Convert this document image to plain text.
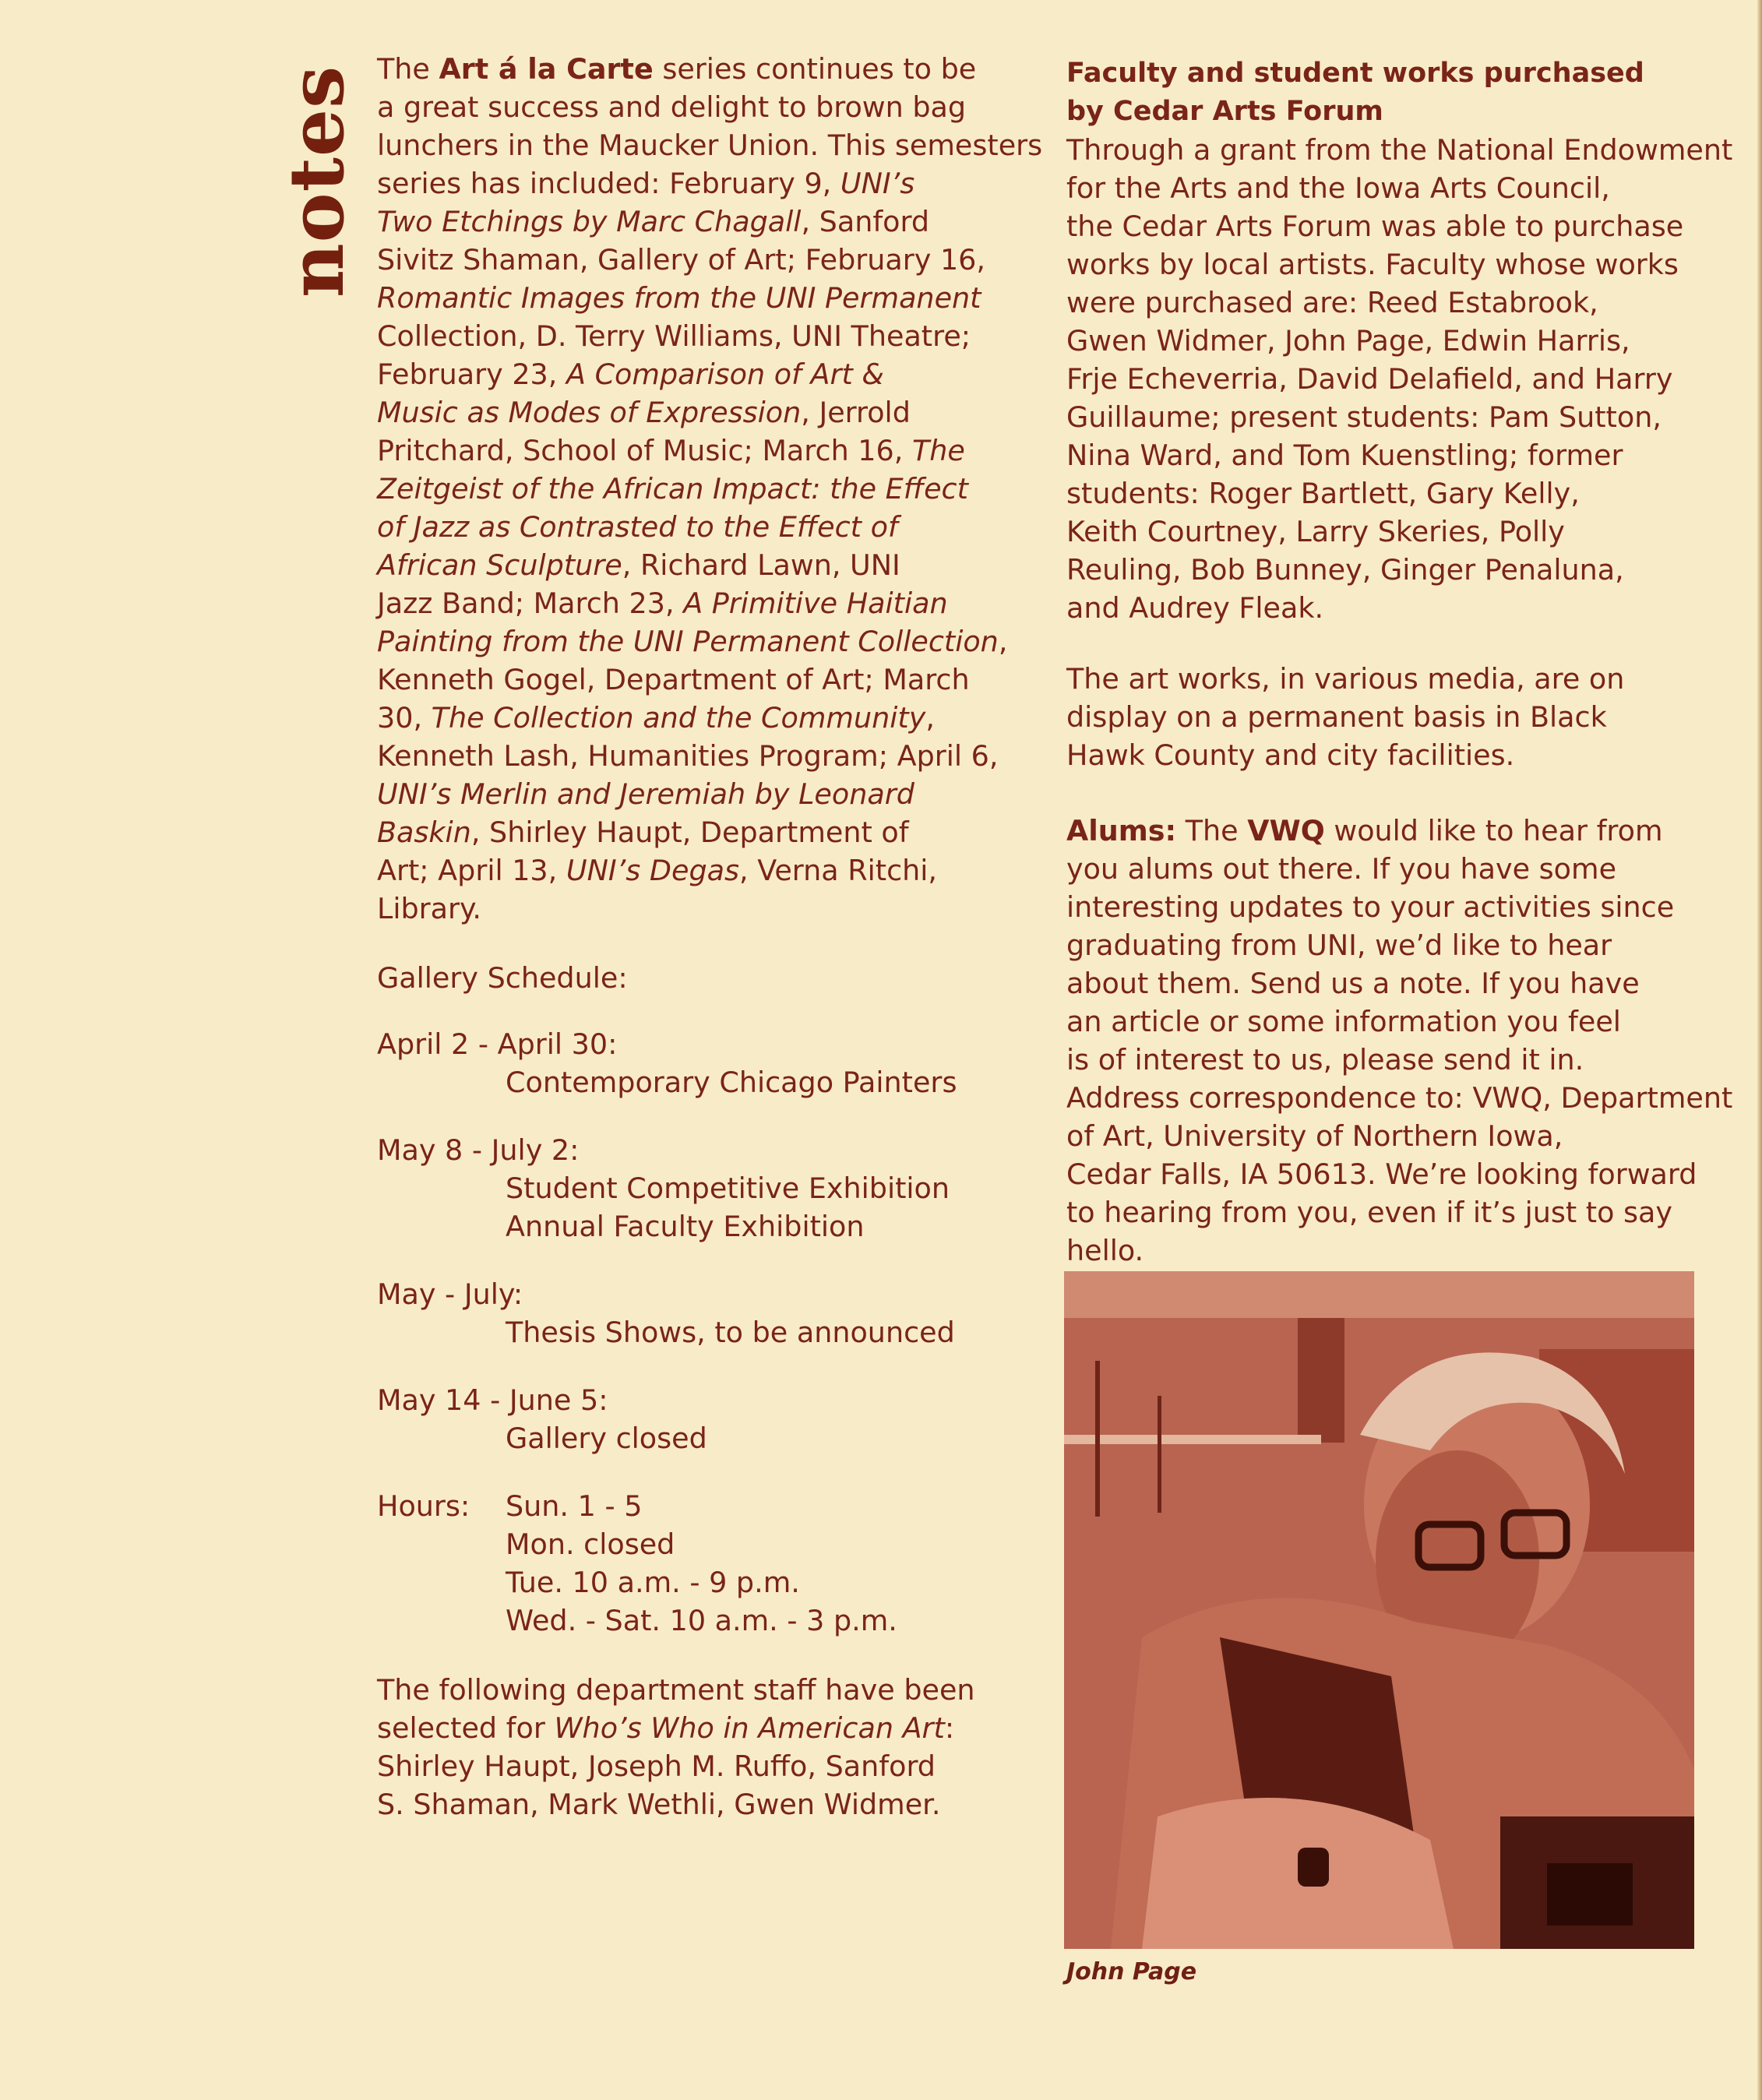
notes The Art á la Carte series continues to be

a great success and delight to brown bag

lunchers in the Maucker Union. This semesters

series has included: February 9, UNI’s

Two Etchings by Marc Chagall, Sanford

Sivitz Shaman, Gallery of Art; February 16,

Romantic Images from the UNI Permanent

Collection, D. Terry Williams, UNI Theatre;

February 23, A Comparison of Art &

Music as Modes of Expression, Jerrold

Pritchard, School of Music; March 16, The

Zeitgeist of the African Impact: the Effect

of Jazz as Contrasted to the Effect of

African Sculpture, Richard Lawn, UNI

Jazz Band; March 23, A Primitive Haitian

Painting from the UNI Permanent Collection,

Kenneth Gogel, Department of Art; March

30, The Collection and the Community,

Kenneth Lash, Humanities Program; April 6,

UNI’s Merlin and Jeremiah by Leonard

Baskin, Shirley Haupt, Department of

Art; April 13, UNI’s Degas, Verna Ritchi,

Library.

Gallery Schedule:
April 2 - April 30:
Contemporary Chicago Painters
May 8 - July 2:
Student Competitive Exhibition
Annual Faculty Exhibition
May - July:
Thesis Shows, to be announced
May 14 - June 5:
Gallery closed
Hours:	Sun. 1 - 5
Mon. closed
Tue. 10 a.m. - 9 p.m.
Wed. - Sat. 10 a.m. - 3 p.m.

The following department staff have been

selected for Who’s Who in American Art:

Shirley Haupt, Joseph M. Ruffo, Sanford

S. Shaman, Mark Wethli, Gwen Widmer.

Faculty and student works purchased

by Cedar Arts Forum

Through a grant from the National Endowment

for the Arts and the Iowa Arts Council,

the Cedar Arts Forum was able to purchase

works by local artists. Faculty whose works

were purchased are: Reed Estabrook,

Gwen Widmer, John Page, Edwin Harris,

Frje Echeverria, David Delafield, and Harry

Guillaume; present students: Pam Sutton,

Nina Ward, and Tom Kuenstling; former

students: Roger Bartlett, Gary Kelly,

Keith Courtney, Larry Skeries, Polly

Reuling, Bob Bunney, Ginger Penaluna,

and Audrey Fleak.

The art works, in various media, are on

display on a permanent basis in Black

Hawk County and city facilities.

Alums: The VWQ would like to hear from

you alums out there. If you have some

interesting updates to your activities since

graduating from UNI, we’d like to hear

about them. Send us a note. If you have

an article or some information you feel

is of interest to us, please send it in.

Address correspondence to: VWQ, Department

of Art, University of Northern Iowa,

Cedar Falls, IA 50613. We’re looking forward

to hearing from you, even if it’s just to say

hello.

John Page
